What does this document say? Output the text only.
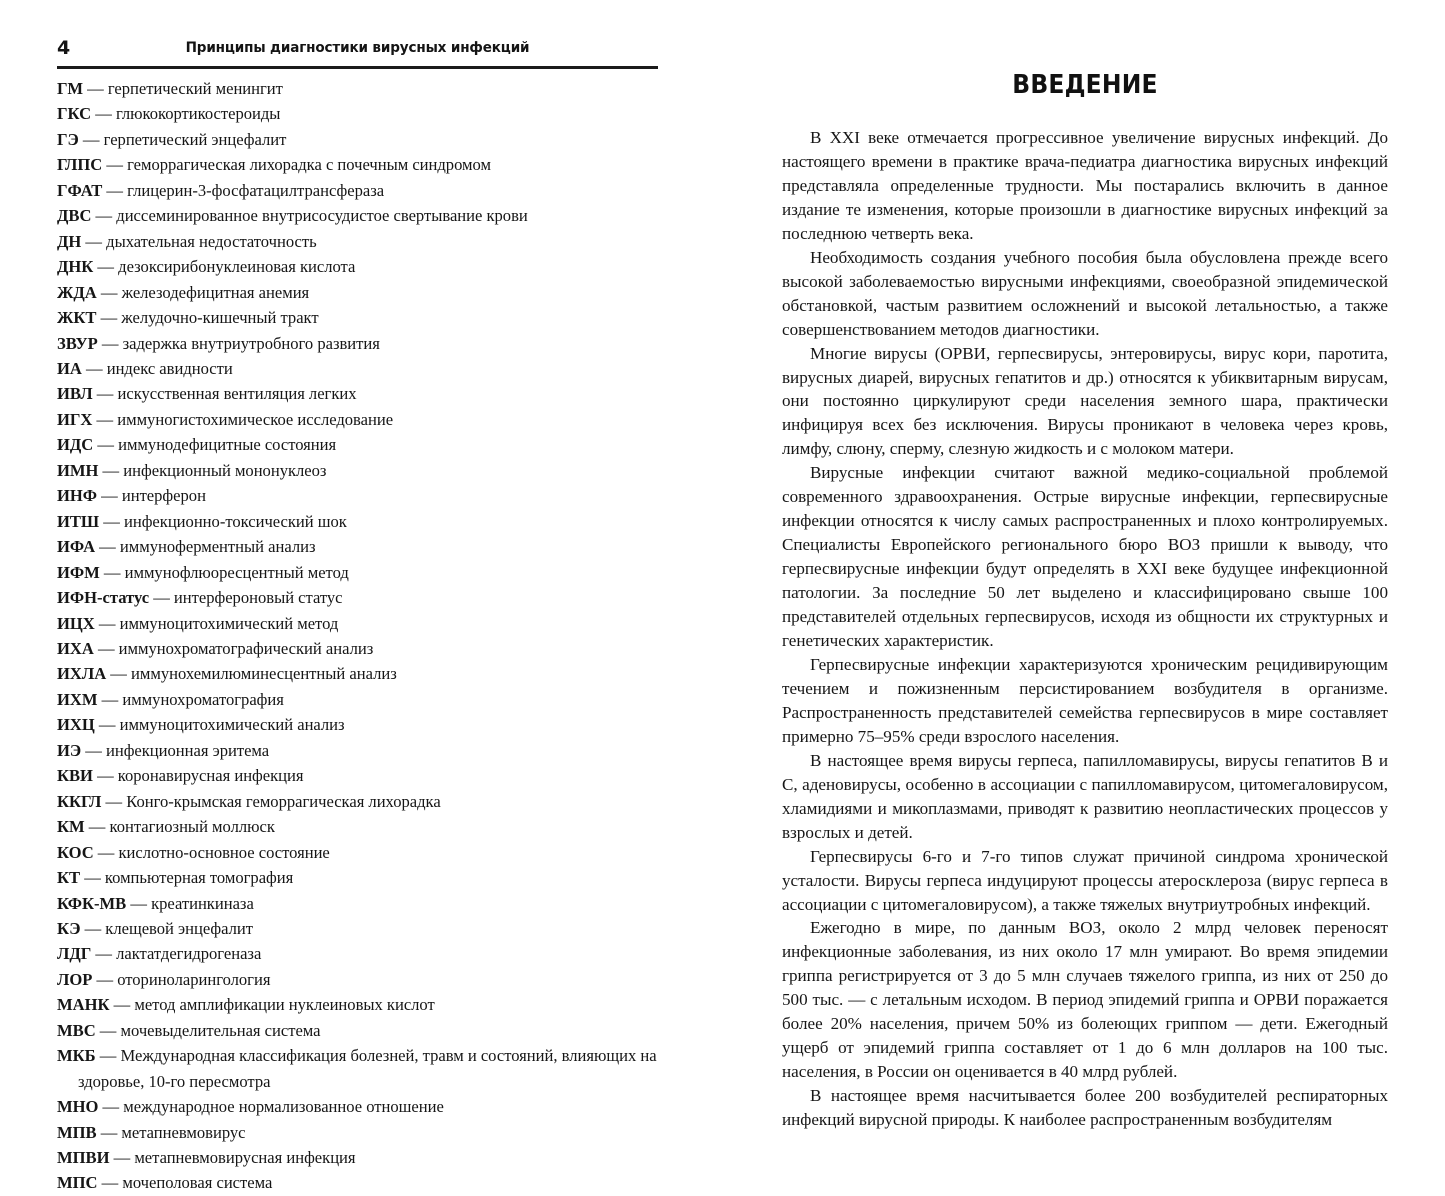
4	Принципы диагностики вирусных инфекций
ГМ — герпетический менингит
ГКС — глюкокортикостероиды
ГЭ — герпетический энцефалит
ГЛПС — геморрагическая лихорадка с почечным синдромом
ГФАТ — глицерин-3-фосфатацилтрансфераза
ДВС — диссеминированное внутрисосудистое свертывание крови
ДН — дыхательная недостаточность
ДНК — дезоксирибонуклеиновая кислота
ЖДА — железодефицитная анемия
ЖКТ — желудочно-кишечный тракт
ЗВУР — задержка внутриутробного развития
ИА — индекс авидности
ИВЛ — искусственная вентиляция легких
ИГХ — иммуногистохимическое исследование
ИДС — иммунодефицитные состояния
ИМН — инфекционный мононуклеоз
ИНФ — интерферон
ИТШ — инфекционно-токсический шок
ИФА — иммуноферментный анализ
ИФМ — иммунофлюоресцентный метод
ИФН-статус — интерфероновый статус
ИЦХ — иммуноцитохимический метод
ИХА — иммунохроматографический анализ
ИХЛА — иммунохемилюминесцентный анализ
ИХМ — иммунохроматография
ИХЦ — иммуноцитохимический анализ
ИЭ — инфекционная эритема
КВИ — коронавирусная инфекция
ККГЛ — Конго-крымская геморрагическая лихорадка
КМ — контагиозный моллюск
КОС — кислотно-основное состояние
КТ — компьютерная томография
КФК-МВ — креатинкиназа
КЭ — клещевой энцефалит
ЛДГ — лактатдегидрогеназа
ЛОР — оториноларингология
МАНК — метод амплификации нуклеиновых кислот
МВС — мочевыделительная система
МКБ — Международная классификация болезней, травм и состояний, влияющих на здоровье, 10-го пересмотра
МНО — международное нормализованное отношение
МПВ — метапневмовирус
МПВИ — метапневмовирусная инфекция
МПС — мочеполовая система
ВВЕДЕНИЕ

В XXI веке отмечается прогрессивное увеличение вирусных инфекций. До настоящего времени в практике врача-педиатра диагностика вирусных инфекций представляла определенные трудности. Мы постарались включить в данное издание те изменения, которые произошли в диагностике вирусных инфекций за последнюю четверть века.

Необходимость создания учебного пособия была обусловлена прежде всего высокой заболеваемостью вирусными инфекциями, своеобразной эпидемической обстановкой, частым развитием осложнений и высокой летальностью, а также совершенствованием методов диагностики.

Многие вирусы (ОРВИ, герпесвирусы, энтеровирусы, вирус кори, паротита, вирусных диарей, вирусных гепатитов и др.) относятся к убиквитарным вирусам, они постоянно циркулируют среди населения земного шара, практически инфицируя всех без исключения. Вирусы проникают в человека через кровь, лимфу, слюну, сперму, слезную жидкость и с молоком матери.

Вирусные инфекции считают важной медико-социальной проблемой современного здравоохранения. Острые вирусные инфекции, герпесвирусные инфекции относятся к числу самых распространенных и плохо контролируемых. Специалисты Европейского регионального бюро ВОЗ пришли к выводу, что герпесвирусные инфекции будут определять в XXI веке будущее инфекционной патологии. За последние 50 лет выделено и классифицировано свыше 100 представителей отдельных герпесвирусов, исходя из общности их структурных и генетических характеристик.

Герпесвирусные инфекции характеризуются хроническим рецидивирующим течением и пожизненным персистированием возбудителя в организме. Распространенность представителей семейства герпесвирусов в мире составляет примерно 75–95% среди взрослого населения.

В настоящее время вирусы герпеса, папилломавирусы, вирусы гепатитов B и C, аденовирусы, особенно в ассоциации с папилломавирусом, цитомегаловирусом, хламидиями и микоплазмами, приводят к развитию неопластических процессов у взрослых и детей.

Герпесвирусы 6-го и 7-го типов служат причиной синдрома хронической усталости. Вирусы герпеса индуцируют процессы атеросклероза (вирус герпеса в ассоциации с цитомегаловирусом), а также тяжелых внутриутробных инфекций.

Ежегодно в мире, по данным ВОЗ, около 2 млрд человек переносят инфекционные заболевания, из них около 17 млн умирают. Во время эпидемии гриппа регистрируется от 3 до 5 млн случаев тяжелого гриппа, из них от 250 до 500 тыс. — с летальным исходом. В период эпидемий гриппа и ОРВИ поражается более 20% населения, причем 50% из болеющих гриппом — дети. Ежегодный ущерб от эпидемий гриппа составляет от 1 до 6 млн долларов на 100 тыс. населения, в России он оценивается в 40 млрд рублей.

В настоящее время насчитывается более 200 возбудителей респираторных инфекций вирусной природы. К наиболее распространенным возбудителям
